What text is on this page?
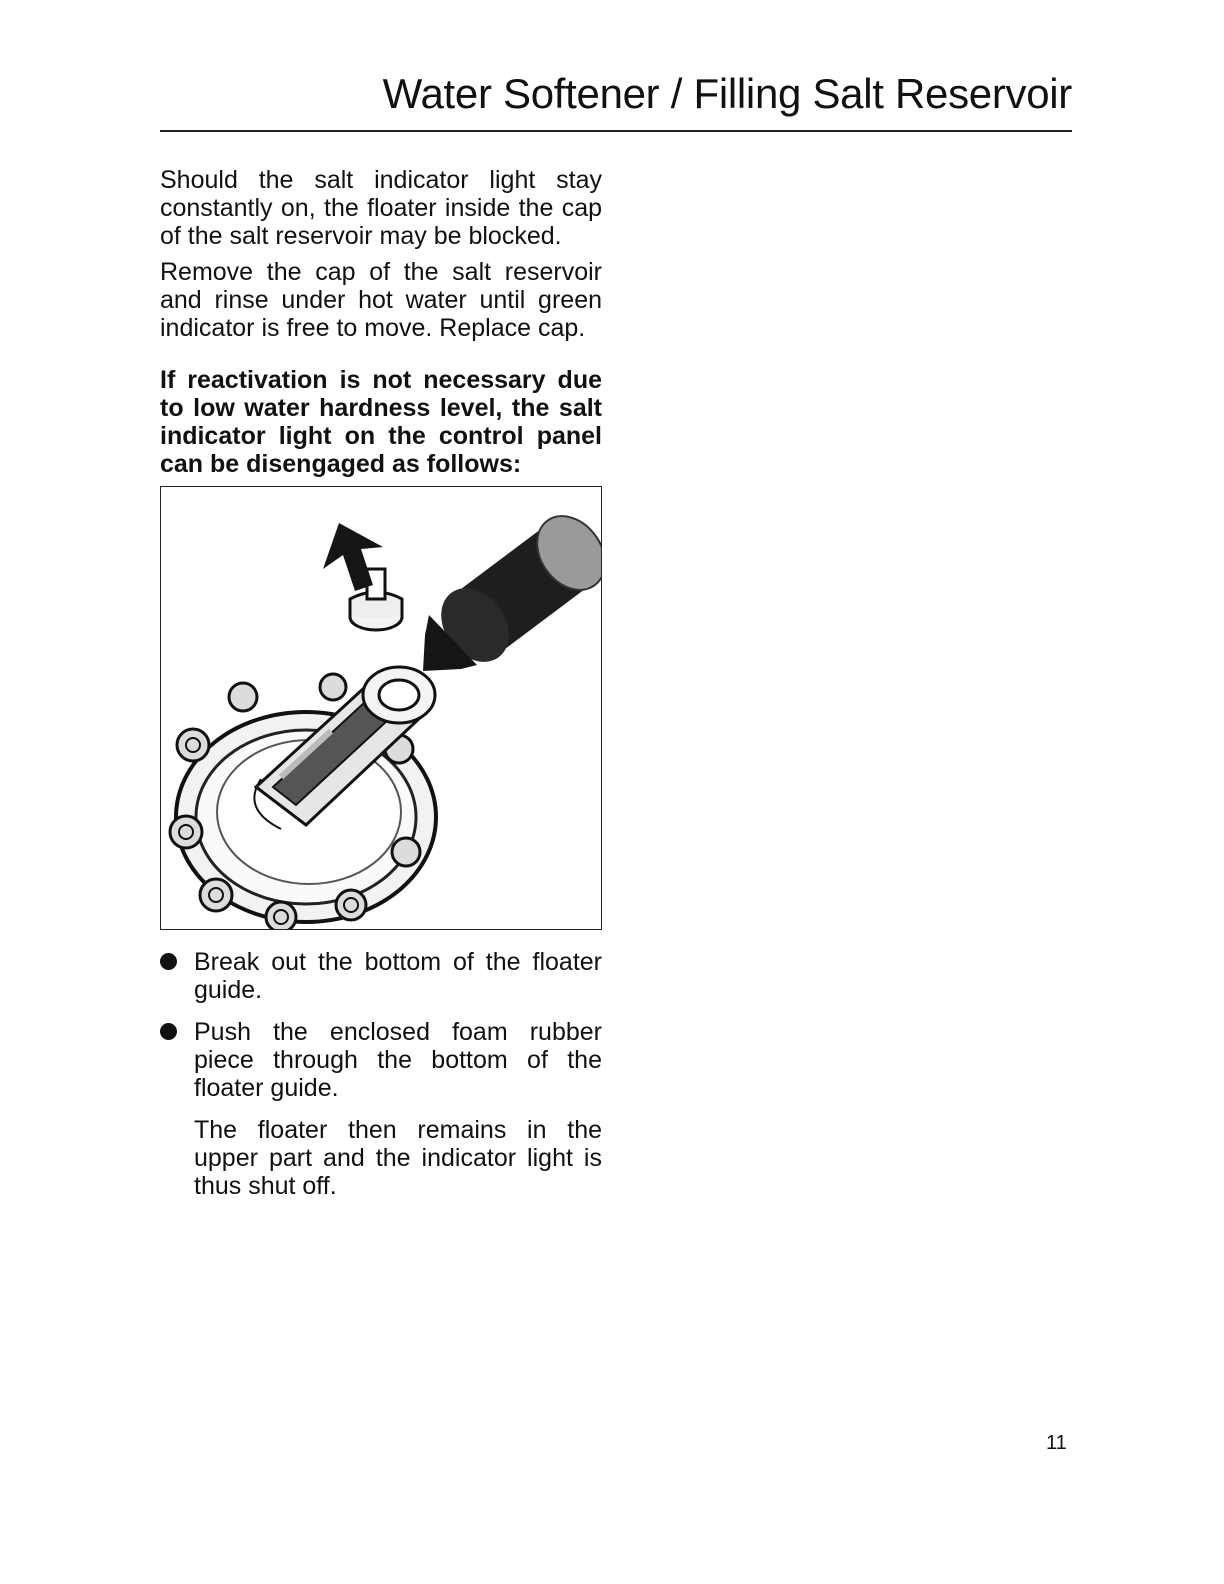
Water Softener / Filling Salt Reservoir

Should the salt indicator light stay constantly on, the floater inside the cap of the salt reservoir may be blocked.

Remove the cap of the salt reservoir and rinse under hot water until green indicator is free to move. Replace cap.

If reactivation is not necessary due to low water hardness level, the salt indicator light on the control panel can be disengaged as follows:

Break out the bottom of the floater guide.
Push the enclosed foam rubber piece through the bottom of the floater guide.

The floater then remains in the upper part and the indicator light is thus shut off.

11
